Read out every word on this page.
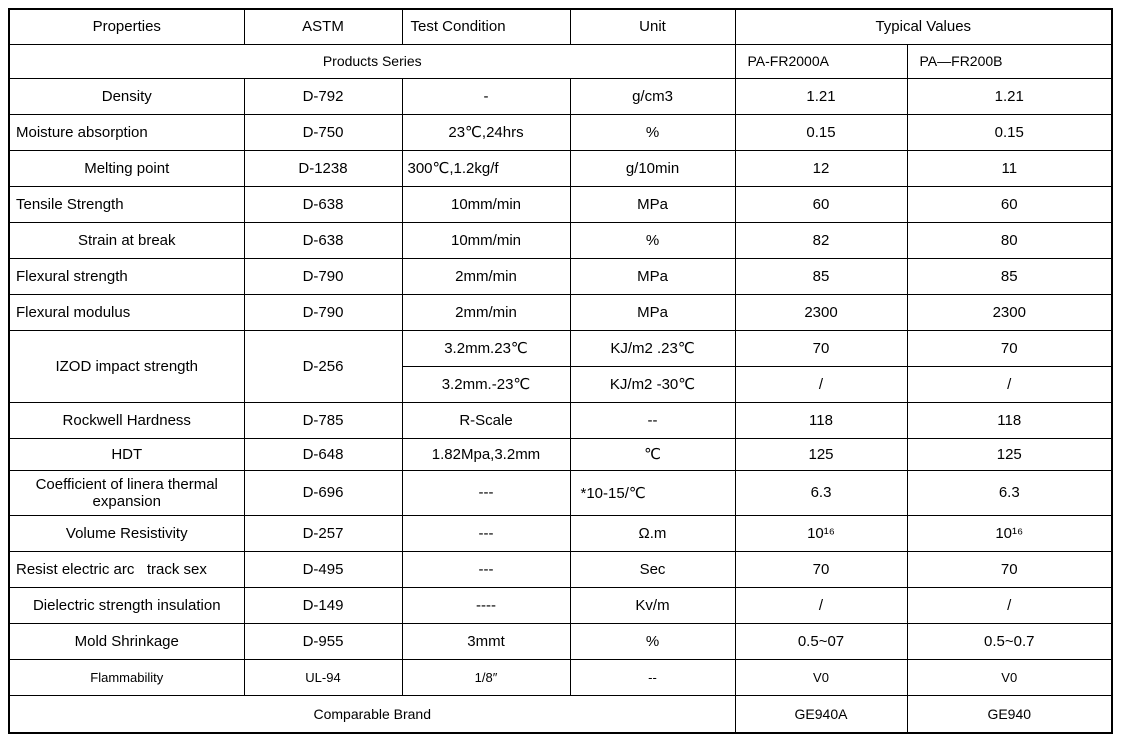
Properties	ASTM	Test Condition	Unit	Typical Values	
Products Series				PA-FR2000A	PA—FR200B
Density	D-792	-	g/cm3	1.21	1.21
Moisture absorption	D-750	23℃,24hrs	%	0.15	0.15
Melting point	D-1238	300℃,1.2kg/f	g/10min	12	11
Tensile Strength	D-638	10mm/min	MPa	60	60
Strain at break	D-638	10mm/min	%	82	80
Flexural strength	D-790	2mm/min	MPa	85	85
Flexural modulus	D-790	2mm/min	MPa	2300	2300
IZOD impact strength	D-256	3.2mm.23℃	KJ/m2 .23℃	70	70
		3.2mm.-23℃	KJ/m2 -30℃	/	/
Rockwell Hardness	D-785	R-Scale	--	118	118
HDT	D-648	1.82Mpa,3.2mm	℃	125	125
Coefficient of linera thermal expansion	D-696	---	*10-15/℃	6.3	6.3
Volume Resistivity	D-257	---	Ω.m	10¹⁶	10¹⁶
Resist electric arc   track sex	D-495	---	Sec	70	70
Dielectric strength insulation	D-149	----	Kv/m	/	/
Mold Shrinkage	D-955	3mmt	%	0.5~07	0.5~0.7
Flammability	UL-94	1/8″	--	V0	V0
Comparable Brand				GE940A	GE940
